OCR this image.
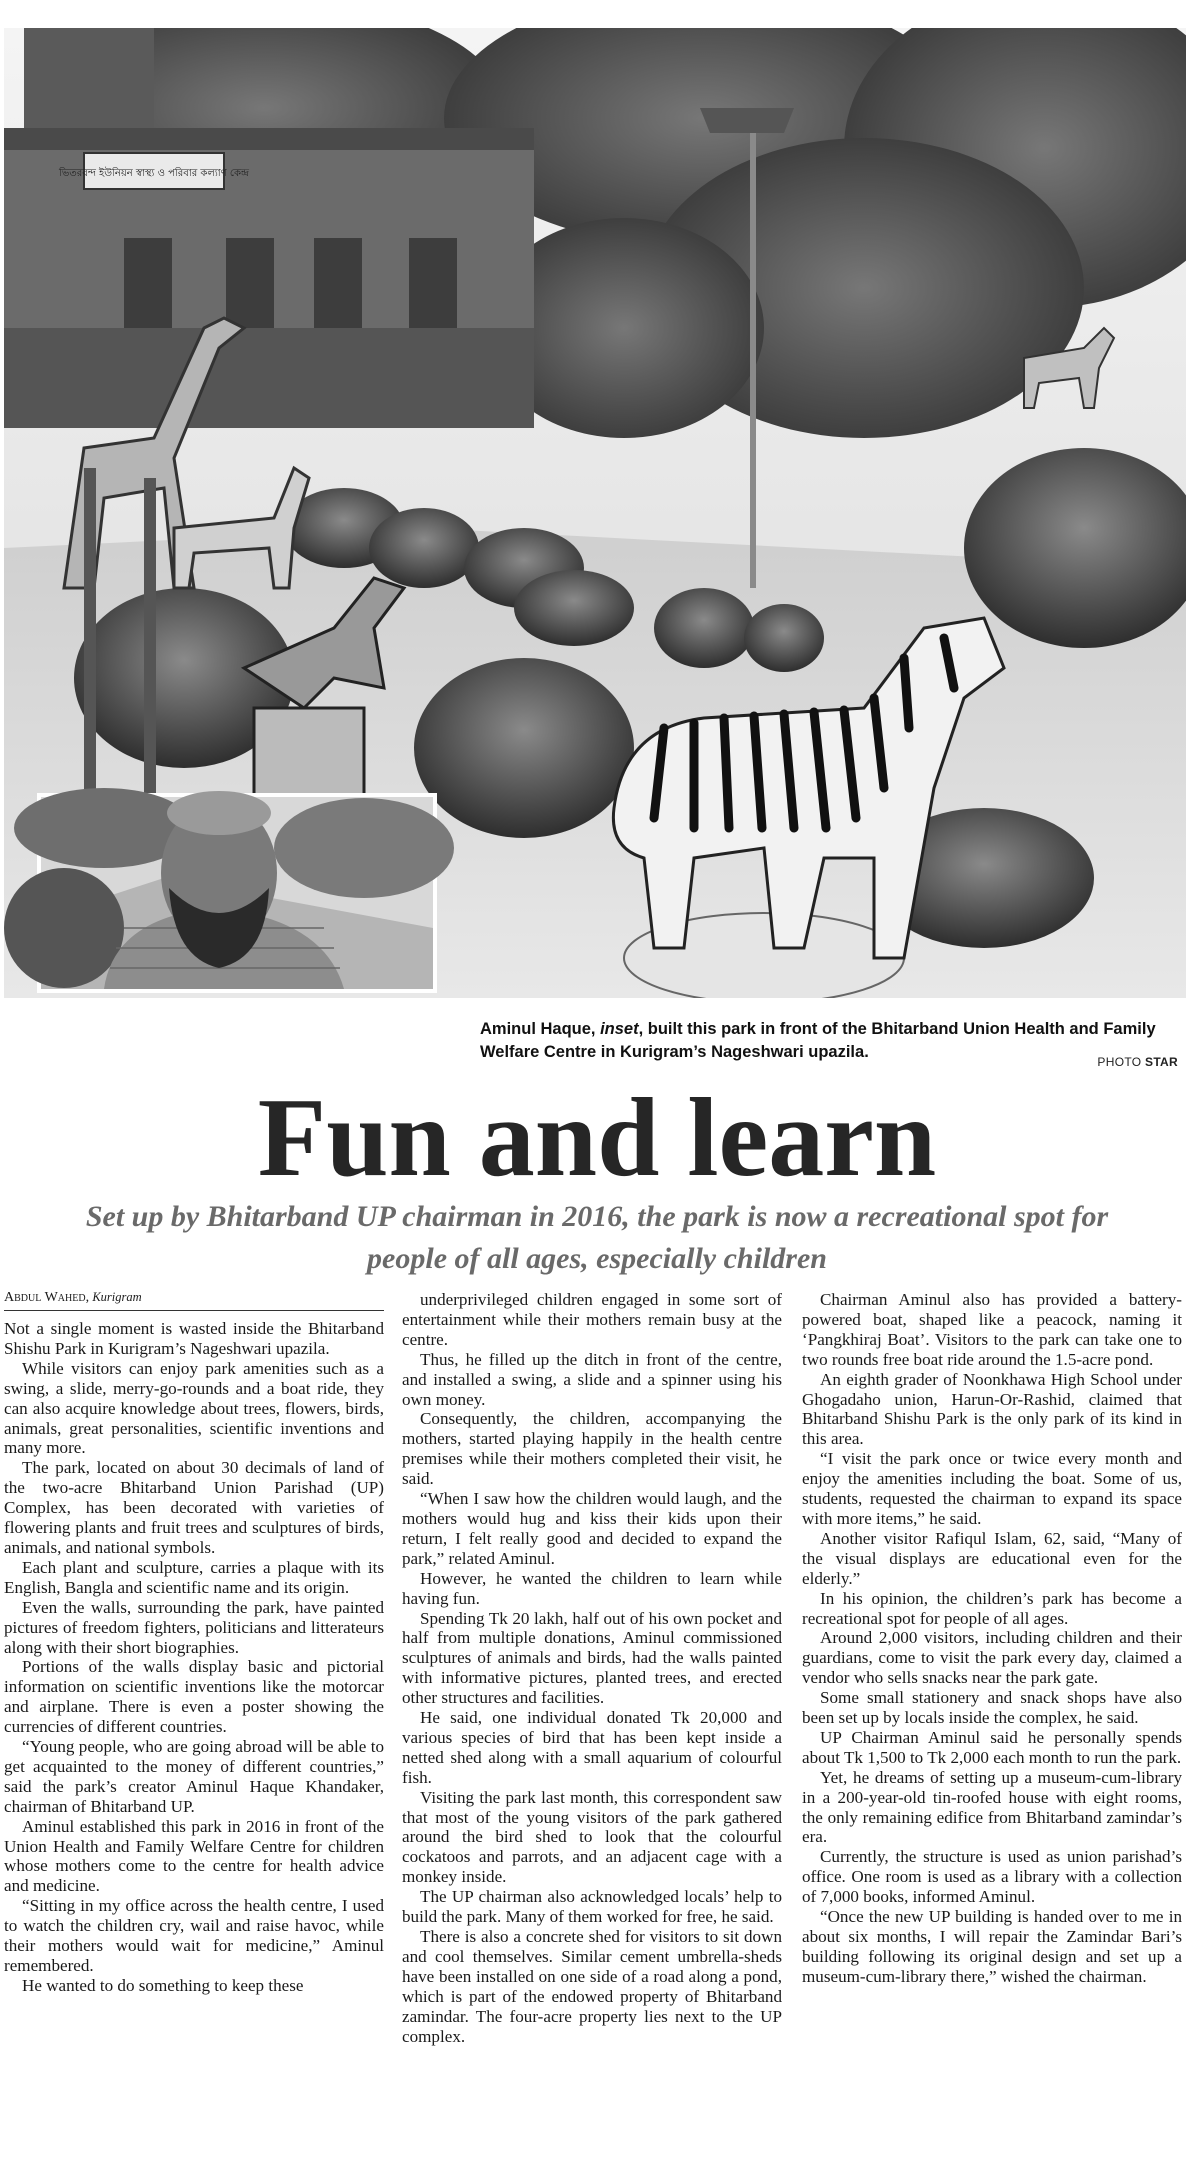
ভিতরবন্দ ইউনিয়ন স্বাস্থ্য ও পরিবার কল্যাণ কেন্দ্র
Aminul Haque, inset, built this park in front of the Bhitarband Union Health and Family Welfare Centre in Kurigram’s Nageshwari upazila.
PHOTO STAR
Fun and learn
Set up by Bhitarband UP chairman in 2016, the park is now a recreational spot for people of all ages, especially children
Abdul Wahed, Kurigram

Not a single moment is wasted inside the Bhitarband Shishu Park in Kurigram’s Nageshwari upazila.

While visitors can enjoy park amenities such as a swing, a slide, merry-go-rounds and a boat ride, they can also acquire knowledge about trees, flowers, birds, animals, great personalities, scientific inventions and many more.

The park, located on about 30 decimals of land of the two-acre Bhitarband Union Parishad (UP) Complex, has been decorated with varieties of flowering plants and fruit trees and sculptures of birds, animals, and national symbols.

Each plant and sculpture, carries a plaque with its English, Bangla and scientific name and its origin.

Even the walls, surrounding the park, have painted pictures of freedom fighters, politicians and litterateurs along with their short biographies.

Portions of the walls display basic and pictorial information on scientific inventions like the motorcar and airplane. There is even a poster showing the currencies of different countries.

“Young people, who are going abroad will be able to get acquainted to the money of different countries,” said the park’s creator Aminul Haque Khandaker, chairman of Bhitarband UP.

Aminul established this park in 2016 in front of the Union Health and Family Welfare Centre for children whose mothers come to the centre for health advice and medicine.

“Sitting in my office across the health centre, I used to watch the children cry, wail and raise havoc, while their mothers would wait for medicine,” Aminul remembered.

He wanted to do something to keep these

underprivileged children engaged in some sort of entertainment while their mothers remain busy at the centre.

Thus, he filled up the ditch in front of the centre, and installed a swing, a slide and a spinner using his own money.

Consequently, the children, accompanying the mothers, started playing happily in the health centre premises while their mothers completed their visit, he said.

“When I saw how the children would laugh, and the mothers would hug and kiss their kids upon their return, I felt really good and decided to expand the park,” related Aminul.

However, he wanted the children to learn while having fun.

Spending Tk 20 lakh, half out of his own pocket and half from multiple donations, Aminul commissioned sculptures of animals and birds, had the walls painted with informative pictures, planted trees, and erected other structures and facilities.

He said, one individual donated Tk 20,000 and various species of bird that has been kept inside a netted shed along with a small aquarium of colourful fish.

Visiting the park last month, this correspondent saw that most of the young visitors of the park gathered around the bird shed to look that the colourful cockatoos and parrots, and an adjacent cage with a monkey inside.

The UP chairman also acknowledged locals’ help to build the park. Many of them worked for free, he said.

There is also a concrete shed for visitors to sit down and cool themselves. Similar cement umbrella-sheds have been installed on one side of a road along a pond, which is part of the endowed property of Bhitarband zamindar. The four-acre property lies next to the UP complex.

Chairman Aminul also has provided a battery-powered boat, shaped like a peacock, naming it ‘Pangkhiraj Boat’. Visitors to the park can take one to two rounds free boat ride around the 1.5-acre pond.

An eighth grader of Noonkhawa High School under Ghogadaho union, Harun-Or-Rashid, claimed that Bhitarband Shishu Park is the only park of its kind in this area.

“I visit the park once or twice every month and enjoy the amenities including the boat. Some of us, students, requested the chairman to expand its space with more items,” he said.

Another visitor Rafiqul Islam, 62, said, “Many of the visual displays are educational even for the elderly.”

In his opinion, the children’s park has become a recreational spot for people of all ages.

Around 2,000 visitors, including children and their guardians, come to visit the park every day, claimed a vendor who sells snacks near the park gate.

Some small stationery and snack shops have also been set up by locals inside the complex, he said.

UP Chairman Aminul said he personally spends about Tk 1,500 to Tk 2,000 each month to run the park.

Yet, he dreams of setting up a museum-cum-library in a 200-year-old tin-roofed house with eight rooms, the only remaining edifice from Bhitarband zamindar’s era.

Currently, the structure is used as union parishad’s office. One room is used as a library with a collection of 7,000 books, informed Aminul.

“Once the new UP building is handed over to me in about six months, I will repair the Zamindar Bari’s building following its original design and set up a museum-cum-library there,” wished the chairman.
